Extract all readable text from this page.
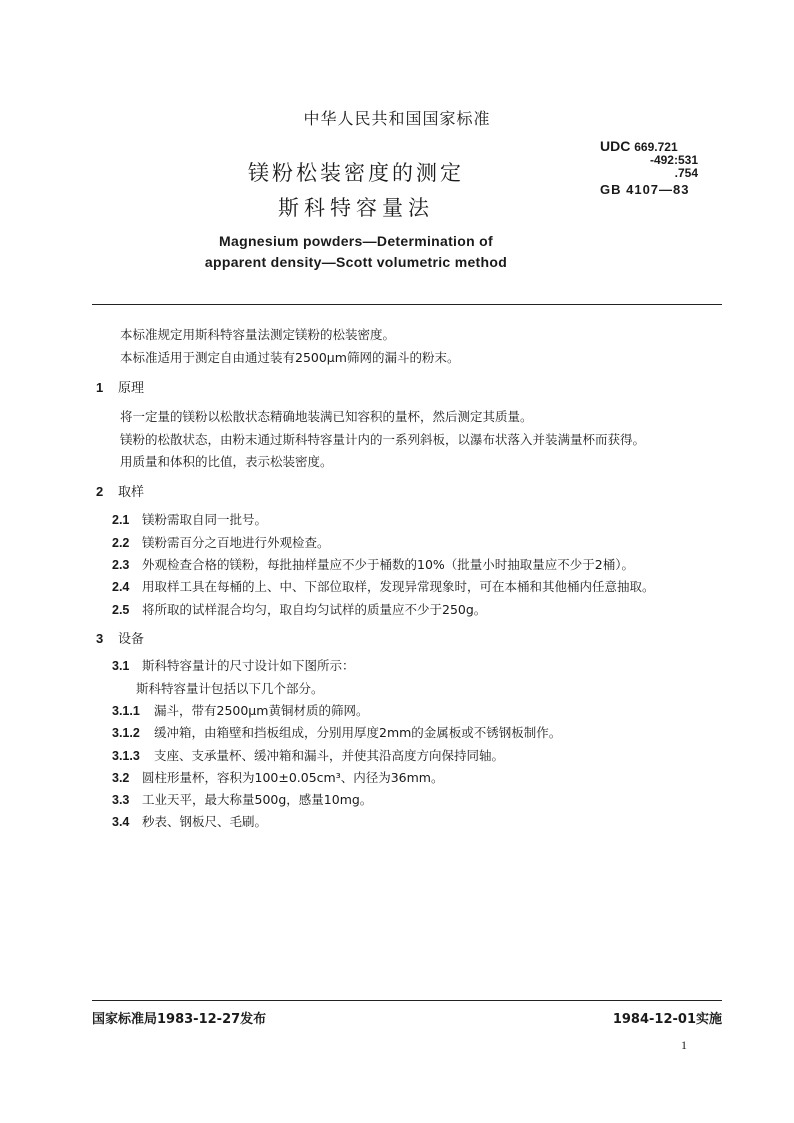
中华人民共和国国家标准
镁粉松装密度的测定
斯科特容量法
Magnesium powders—Determination of
apparent density—Scott volumetric method
UDC 669.721
-492:531
.754
GB 4107—83
本标准规定用斯科特容量法测定镁粉的松装密度。
本标准适用于测定自由通过装有2500μm筛网的漏斗的粉末。
1 原理
将一定量的镁粉以松散状态精确地装满已知容积的量杯，然后测定其质量。
镁粉的松散状态，由粉末通过斯科特容量计内的一系列斜板，以瀑布状落入并装满量杯而获得。
用质量和体积的比值，表示松装密度。
2 取样
2.1 镁粉需取自同一批号。
2.2 镁粉需百分之百地进行外观检查。
2.3 外观检查合格的镁粉，每批抽样量应不少于桶数的10%（批量小时抽取量应不少于2桶）。
2.4 用取样工具在每桶的上、中、下部位取样，发现异常现象时，可在本桶和其他桶内任意抽取。
2.5 将所取的试样混合均匀，取自均匀试样的质量应不少于250g。
3 设备
3.1 斯科特容量计的尺寸设计如下图所示：
斯科特容量计包括以下几个部分。
3.1.1 漏斗，带有2500μm黄铜材质的筛网。
3.1.2 缓冲箱，由箱壁和挡板组成，分别用厚度2mm的金属板或不锈钢板制作。
3.1.3 支座、支承量杯、缓冲箱和漏斗，并使其沿高度方向保持同轴。
3.2 圆柱形量杯，容积为100±0.05cm³、内径为36mm。
3.3 工业天平，最大称量500g，感量10mg。
3.4 秒表、钢板尺、毛刷。
国家标准局1983-12-27发布	1984-12-01实施
1
